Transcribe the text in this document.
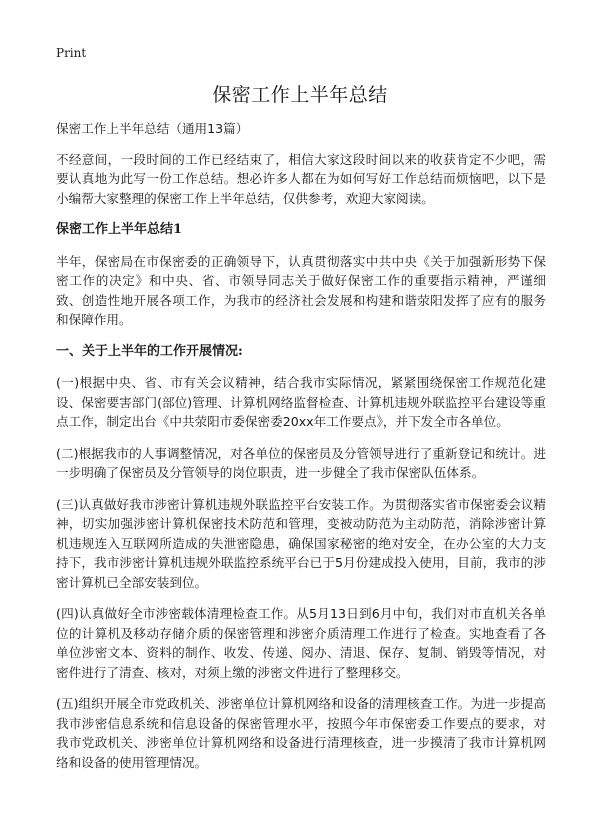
Print
保密工作上半年总结

保密工作上半年总结（通用13篇）

不经意间，一段时间的工作已经结束了，相信大家这段时间以来的收获肯定不少吧，需要认真地为此写一份工作总结。想必许多人都在为如何写好工作总结而烦恼吧，以下是小编帮大家整理的保密工作上半年总结，仅供参考，欢迎大家阅读。

保密工作上半年总结1

半年，保密局在市保密委的正确领导下，认真贯彻落实中共中央《关于加强新形势下保密工作的决定》和中央、省、市领导同志关于做好保密工作的重要指示精神，严谨细致、创造性地开展各项工作，为我市的经济社会发展和构建和谐荥阳发挥了应有的服务和保障作用。

一、关于上半年的工作开展情况:

(一)根据中央、省、市有关会议精神，结合我市实际情况，紧紧围绕保密工作规范化建设、保密要害部门(部位)管理、计算机网络监督检查、计算机违规外联监控平台建设等重点工作，制定出台《中共荥阳市委保密委20xx年工作要点》，并下发全市各单位。

(二)根据我市的人事调整情况，对各单位的保密员及分管领导进行了重新登记和统计。进一步明确了保密员及分管领导的岗位职责，进一步健全了我市保密队伍体系。

(三)认真做好我市涉密计算机违规外联监控平台安装工作。为贯彻落实省市保密委会议精神，切实加强涉密计算机保密技术防范和管理，变被动防范为主动防范，消除涉密计算机违规连入互联网所造成的失泄密隐患，确保国家秘密的绝对安全，在办公室的大力支持下，我市涉密计算机违规外联监控系统平台已于5月份建成投入使用，目前，我市的涉密计算机已全部安装到位。

(四)认真做好全市涉密载体清理检查工作。从5月13日到6月中旬，我们对市直机关各单位的计算机及移动存储介质的保密管理和涉密介质清理工作进行了检查。实地查看了各单位涉密文本、资料的制作、收发、传递、阅办、清退、保存、复制、销毁等情况，对密件进行了清查、核对，对须上缴的涉密文件进行了整理移交。

(五)组织开展全市党政机关、涉密单位计算机网络和设备的清理核查工作。为进一步提高我市涉密信息系统和信息设备的保密管理水平，按照今年市保密委工作要点的要求，对我市党政机关、涉密单位计算机网络和设备进行清理核查，进一步摸清了我市计算机网络和设备的使用管理情况。
